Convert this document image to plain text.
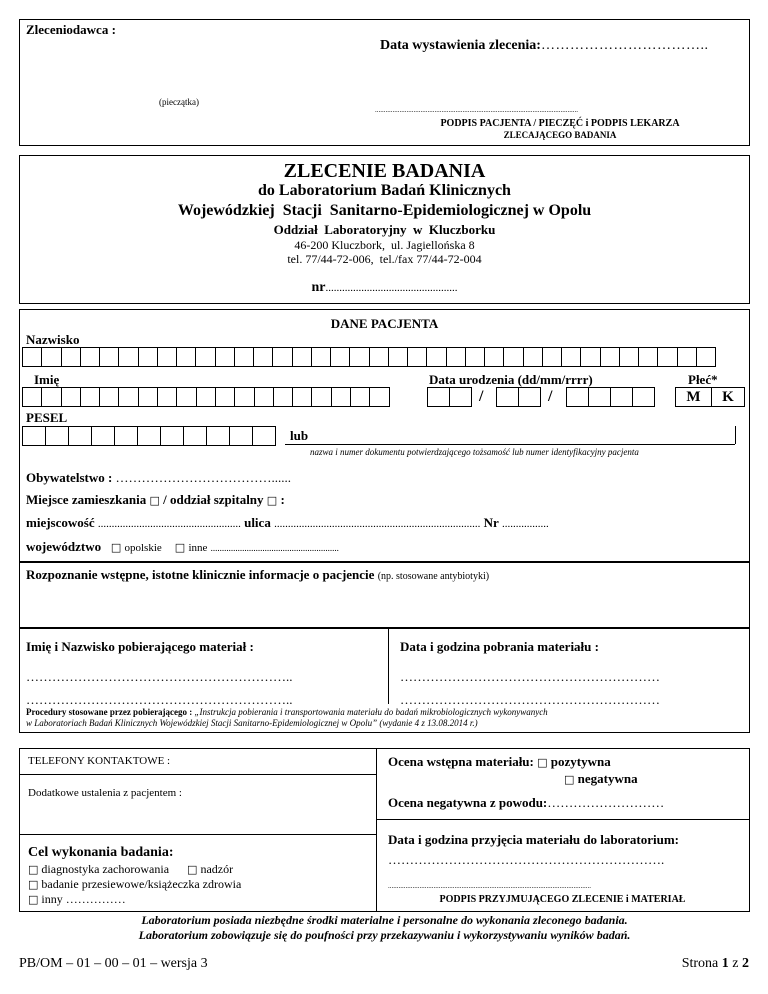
Zleceniodawca :
Data wystawienia zlecenia:……………………………..
(pieczątka)
....................................................................................................................
PODPIS PACJENTA / PIECZĘĆ i PODPIS LEKARZA
ZLECAJĄCEGO BADANIA
ZLECENIE BADANIA
do Laboratorium Badań Klinicznych
Wojewódzkiej  Stacji  Sanitarno-Epidemiologicznej w Opolu
Oddział  Laboratoryjny  w  Kluczborku
46-200 Kluczbork,  ul. Jagiellońska 8
tel. 77/44-72-006,  tel./fax 77/44-72-004
nr................................................
DANE PACJENTA
Nazwisko
Imię	Data urodzenia (dd/mm/rrrr)
/	/
Płeć*
M	K
PESEL
lub
nazwa i numer dokumentu potwierdzającego tożsamość lub numer identyfikacyjny pacjenta
Obywatelstwo : ………………………………......
Miejsce zamieszkania □ / oddział szpitalny □ :
miejscowość .................................................... ulica ........................................................................... Nr .................
województwo □ opolskie □ inne .........................................................
Rozpoznanie wstępne, istotne klinicznie informacje o pacjencie (np. stosowane antybiotyki)
Imię i Nazwisko pobierającego materiał :	Data i godzina pobrania materiału :
……………………………………………………..	……………………………………………………
……………………………………………………..	……………………………………………………
Procedury stosowane przez pobierającego : „Instrukcja pobierania i transportowania materiału do badań mikrobiologicznych wykonywanych
w Laboratoriach Badań Klinicznych Wojewódzkiej Stacji Sanitarno-Epidemiologicznej w Opolu” (wydanie 4 z 13.08.2014 r.)
TELEFONY KONTAKTOWE :
Dodatkowe ustalenia z pacjentem :
Cel wykonania badania:
□ diagnostyka zachorowania □ nadzór
□ badanie przesiewowe/książeczka zdrowia
□ inny ……………
Ocena wstępna materiału: □ pozytywna
□ negatywna
Ocena negatywna z powodu:………………………
Data i godzina przyjęcia materiału do laboratorium:
……………………………………………………….
....................................................................................................................
PODPIS PRZYJMUJĄCEGO ZLECENIE i MATERIAŁ
Laboratorium posiada niezbędne środki materialne i personalne do wykonania zleconego badania.
Laboratorium zobowiązuje się do poufności przy przekazywaniu i wykorzystywaniu wyników badań.
PB/OM – 01 – 00 – 01 – wersja 3	Strona 1 z 2
